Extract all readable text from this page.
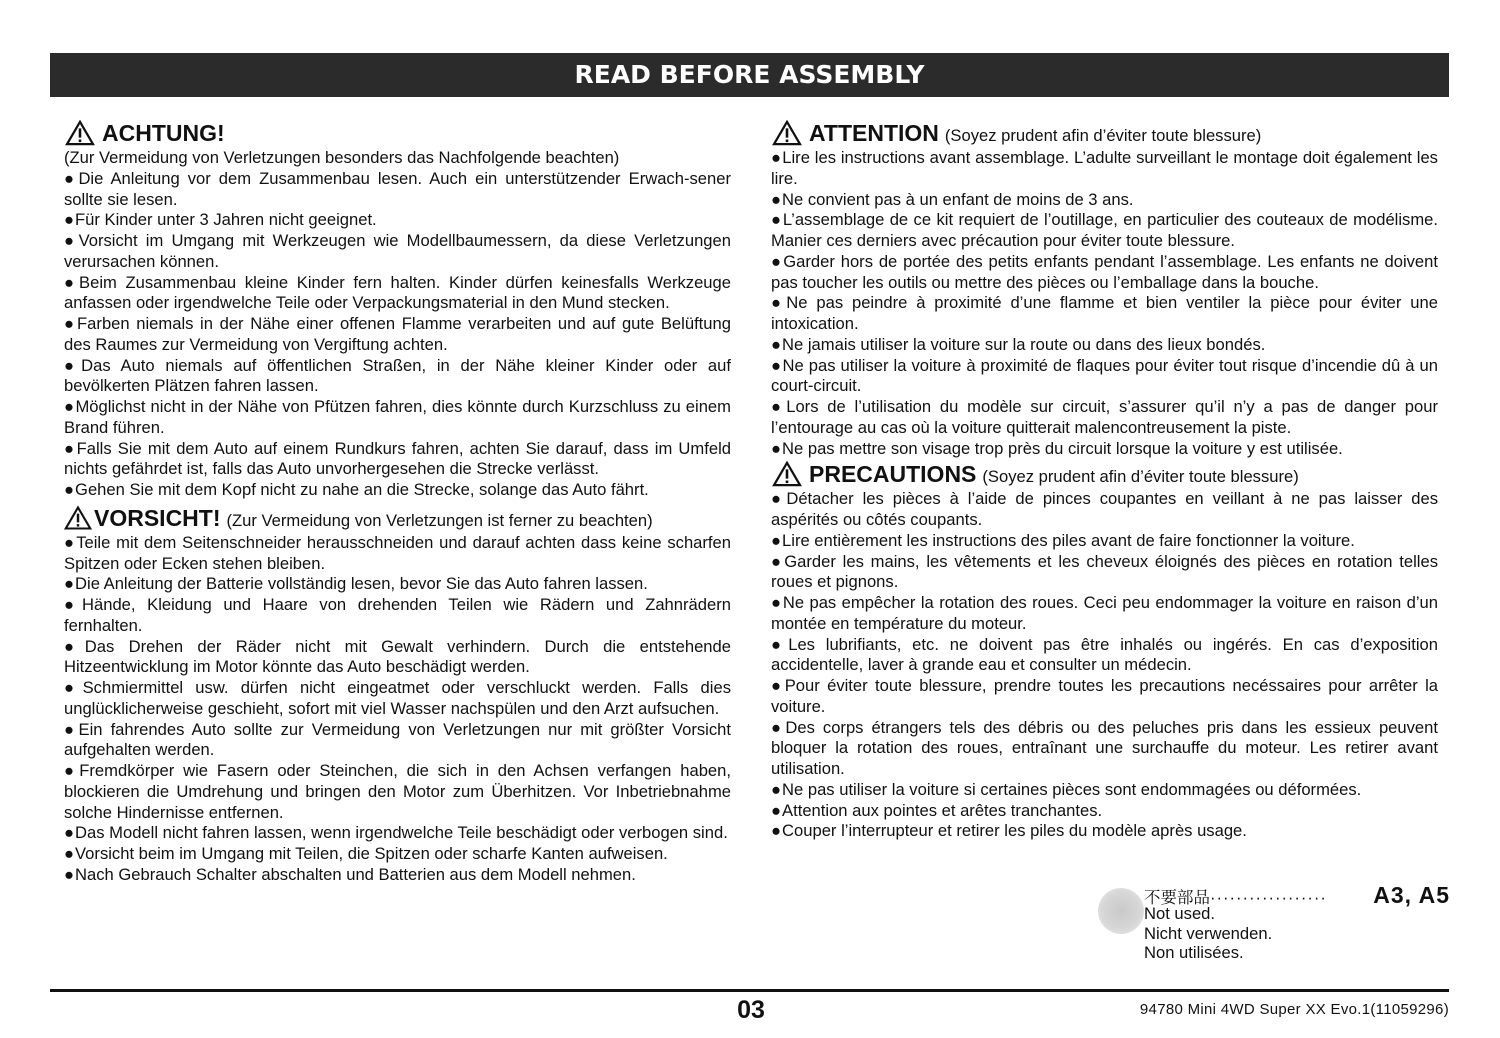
READ BEFORE ASSEMBLY
ACHTUNG!

(Zur Vermeidung von Verletzungen besonders das Nachfolgende beachten)

●Die Anleitung vor dem Zusammenbau lesen. Auch ein unterstützender Erwach-sener sollte sie lesen.
●Für Kinder unter 3 Jahren nicht geeignet.
●Vorsicht im Umgang mit Werkzeugen wie Modellbaumessern, da diese Verletzungen verursachen können.
●Beim Zusammenbau kleine Kinder fern halten. Kinder dürfen keinesfalls Werkzeuge anfassen oder irgendwelche Teile oder Verpackungsmaterial in den Mund stecken.
●Farben niemals in der Nähe einer offenen Flamme verarbeiten und auf gute Belüftung des Raumes zur Vermeidung von Vergiftung achten.
●Das Auto niemals auf öffentlichen Straßen, in der Nähe kleiner Kinder oder auf bevölkerten Plätzen fahren lassen.
●Möglichst nicht in der Nähe von Pfützen fahren, dies könnte durch Kurzschluss zu einem Brand führen.
●Falls Sie mit dem Auto auf einem Rundkurs fahren, achten Sie darauf, dass im Umfeld nichts gefährdet ist, falls das Auto unvorhergesehen die Strecke verlässt.
●Gehen Sie mit dem Kopf nicht zu nahe an die Strecke, solange das Auto fährt.
VORSICHT! (Zur Vermeidung von Verletzungen ist ferner zu beachten)
●Teile mit dem Seitenschneider herausschneiden und darauf achten dass keine scharfen Spitzen oder Ecken stehen bleiben.
●Die Anleitung der Batterie vollständig lesen, bevor Sie das Auto fahren lassen.
●Hände, Kleidung und Haare von drehenden Teilen wie Rädern und Zahnrädern fernhalten.
●Das Drehen der Räder nicht mit Gewalt verhindern. Durch die entstehende Hitzeentwicklung im Motor könnte das Auto beschädigt werden.
●Schmiermittel usw. dürfen nicht eingeatmet oder verschluckt werden. Falls dies unglücklicherweise geschieht, sofort mit viel Wasser nachspülen und den Arzt aufsuchen.
●Ein fahrendes Auto sollte zur Vermeidung von Verletzungen nur mit größter Vorsicht aufgehalten werden.
●Fremdkörper wie Fasern oder Steinchen, die sich in den Achsen verfangen haben, blockieren die Umdrehung und bringen den Motor zum Überhitzen. Vor Inbetriebnahme solche Hindernisse entfernen.
●Das Modell nicht fahren lassen, wenn irgendwelche Teile beschädigt oder verbogen sind.
●Vorsicht beim im Umgang mit Teilen, die Spitzen oder scharfe Kanten aufweisen.
●Nach Gebrauch Schalter abschalten und Batterien aus dem Modell nehmen.
ATTENTION (Soyez prudent afin d’éviter toute blessure)
●Lire les instructions avant assemblage. L’adulte surveillant le montage doit également les lire.
●Ne convient pas à un enfant de moins de 3 ans.
●L’assemblage de ce kit requiert de l’outillage, en particulier des couteaux de modélisme. Manier ces derniers avec précaution pour éviter toute blessure.
●Garder hors de portée des petits enfants pendant l’assemblage. Les enfants ne doivent pas toucher les outils ou mettre des pièces ou l’emballage dans la bouche.
●Ne pas peindre à proximité d’une flamme et bien ventiler la pièce pour éviter une intoxication.
●Ne jamais utiliser la voiture sur la route ou dans des lieux bondés.
●Ne pas utiliser la voiture à proximité de flaques pour éviter tout risque d’incendie dû à un court-circuit.
●Lors de l’utilisation du modèle sur circuit, s’assurer qu’il n’y a pas de danger pour l’entourage au cas où la voiture quitterait malencontreusement la piste.
●Ne pas mettre son visage trop près du circuit lorsque la voiture y est utilisée.
PRECAUTIONS (Soyez prudent afin d’éviter toute blessure)
●Détacher les pièces à l’aide de pinces coupantes en veillant à ne pas laisser des aspérités ou côtés coupants.
●Lire entièrement les instructions des piles avant de faire fonctionner la voiture.
●Garder les mains, les vêtements et les cheveux éloignés des pièces en rotation telles roues et pignons.
●Ne pas empêcher la rotation des roues. Ceci peu endommager la voiture en raison d’un montée en température du moteur.
●Les lubrifiants, etc. ne doivent pas être inhalés ou ingérés. En cas d’exposition accidentelle, laver à grande eau et consulter un médecin.
●Pour éviter toute blessure, prendre toutes les precautions necéssaires pour arrêter la voiture.
●Des corps étrangers tels des débris ou des peluches pris dans les essieux peuvent bloquer la rotation des roues, entraînant une surchauffe du moteur. Les retirer avant utilisation.
●Ne pas utiliser la voiture si certaines pièces sont endommagées ou déformées.
●Attention aux pointes et arêtes tranchantes.
●Couper l’interrupteur et retirer les piles du modèle après usage.
不要部品·················· A3, A5
Not used.
Nicht verwenden.
Non utilisées.
03	94780 Mini 4WD Super XX Evo.1(11059296)
